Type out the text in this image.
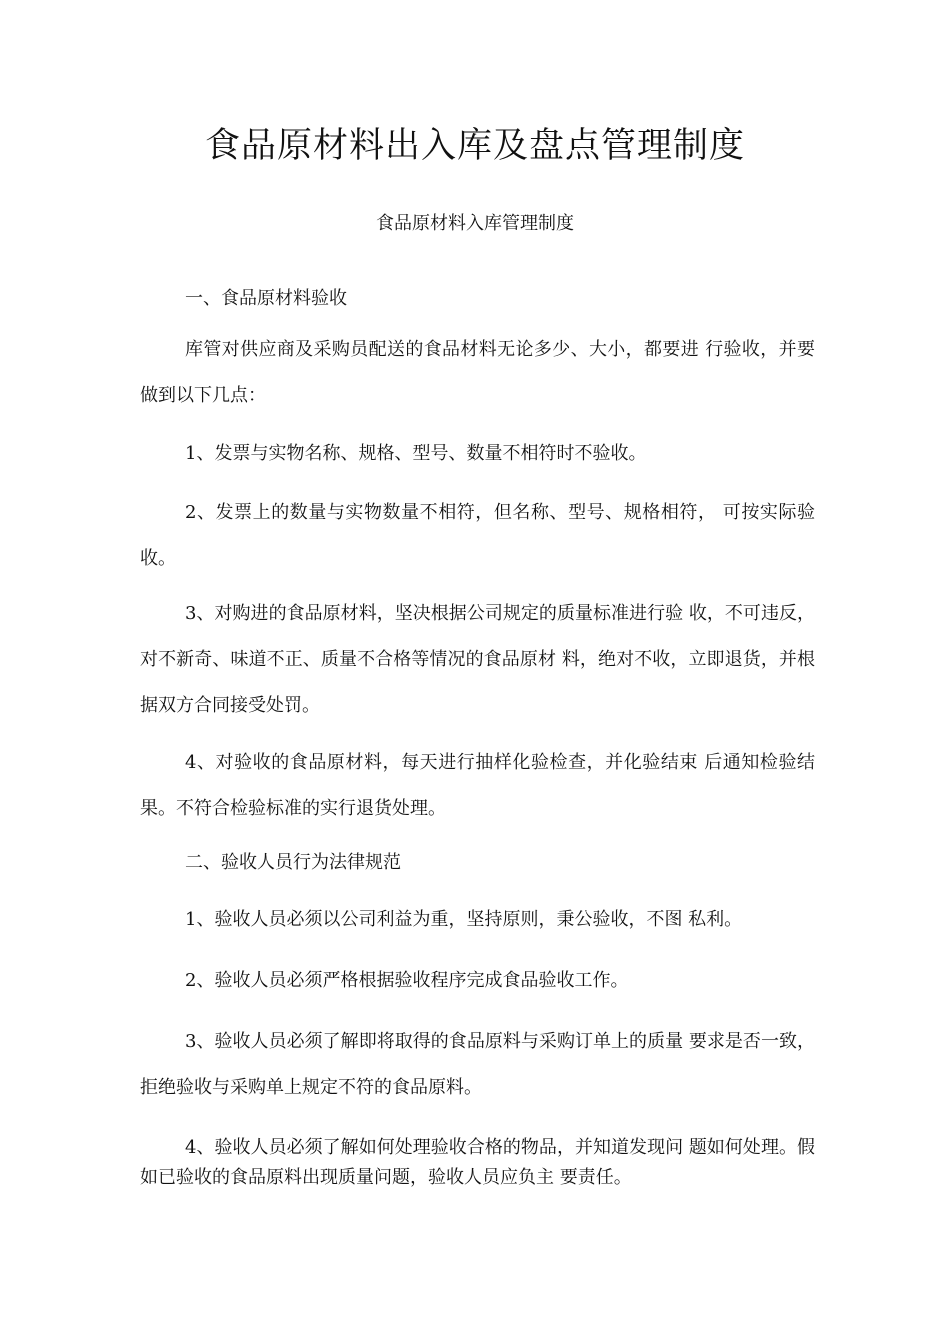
食品原材料出入库及盘点管理制度

食品原材料入库管理制度

一、食品原材料验收

库管对供应商及采购员配送的食品材料无论多少、大小，都要进 行验收，并要做到以下几点：

1、发票与实物名称、规格、型号、数量不相符时不验收。

2、发票上的数量与实物数量不相符，但名称、型号、规格相符， 可按实际验收。

3、对购进的食品原材料，坚决根据公司规定的质量标准进行验 收，不可违反，对不新奇、味道不正、质量不合格等情况的食品原材 料，绝对不收，立即退货，并根据双方合同接受处罚。

4、对验收的食品原材料，每天进行抽样化验检查，并化验结束 后通知检验结果。不符合检验标准的实行退货处理。

二、验收人员行为法律规范

1、验收人员必须以公司利益为重，坚持原则，秉公验收，不图 私利。

2、验收人员必须严格根据验收程序完成食品验收工作。

3、验收人员必须了解即将取得的食品原料与采购订单上的质量 要求是否一致，拒绝验收与采购单上规定不符的食品原料。

4、验收人员必须了解如何处理验收合格的物品，并知道发现问 题如何处理。假如已验收的食品原料出现质量问题，验收人员应负主 要责任。
